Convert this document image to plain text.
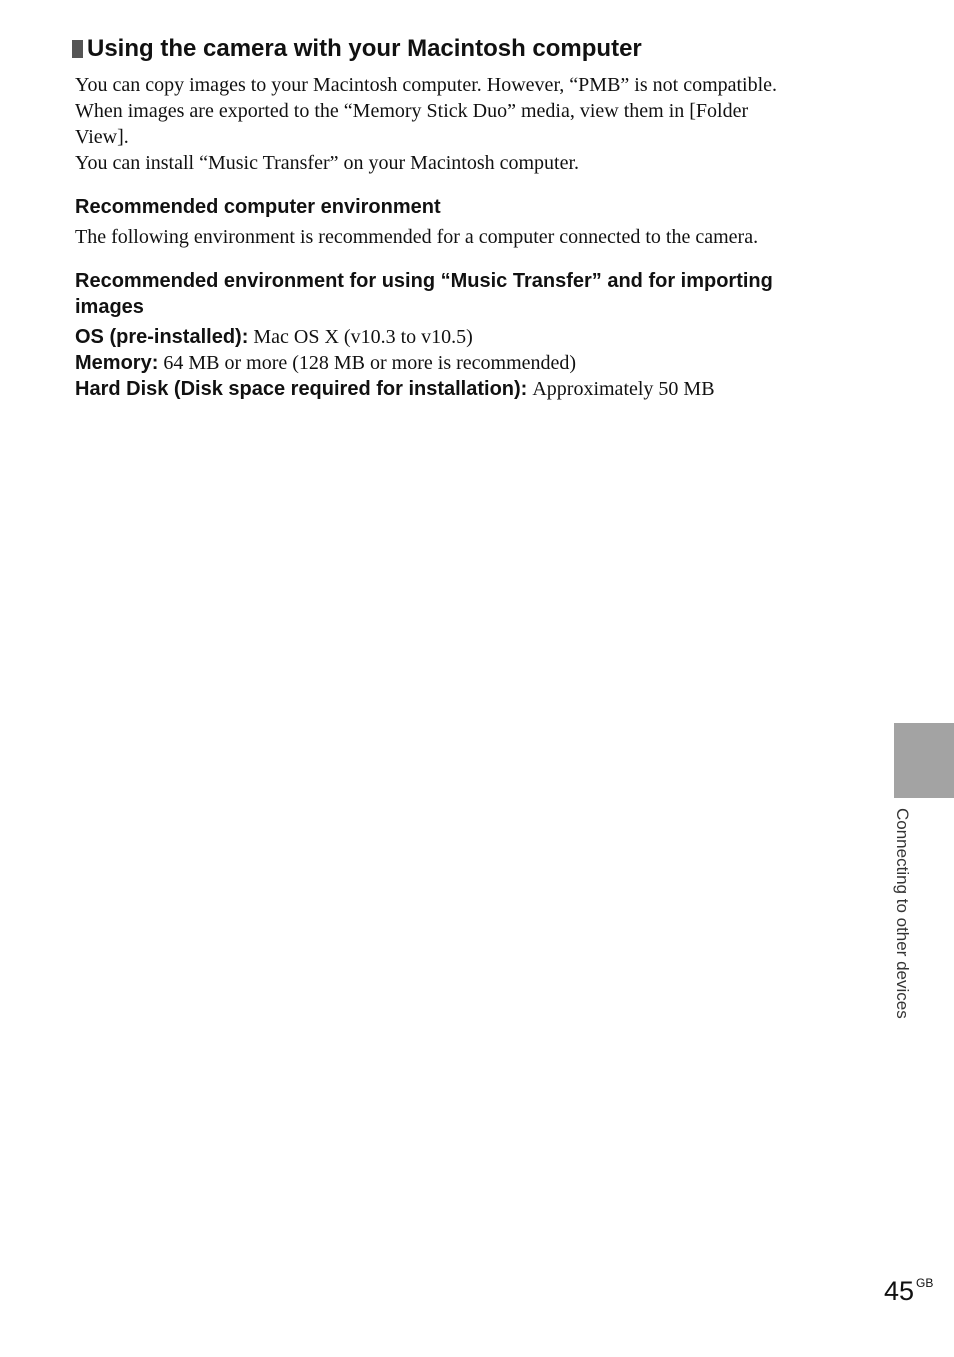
Using the camera with your Macintosh computer

You can copy images to your Macintosh computer. However, “PMB” is not compatible.

When images are exported to the “Memory Stick Duo” media, view them in [Folder

View].

You can install “Music Transfer” on your Macintosh computer.

Recommended computer environment

The following environment is recommended for a computer connected to the camera.

Recommended environment for using “Music Transfer” and for importing
images

OS (pre-installed): Mac OS X (v10.3 to v10.5)

Memory: 64 MB or more (128 MB or more is recommended)

Hard Disk (Disk space required for installation): Approximately 50 MB

Connecting to other devices
45 $^{GB}$
